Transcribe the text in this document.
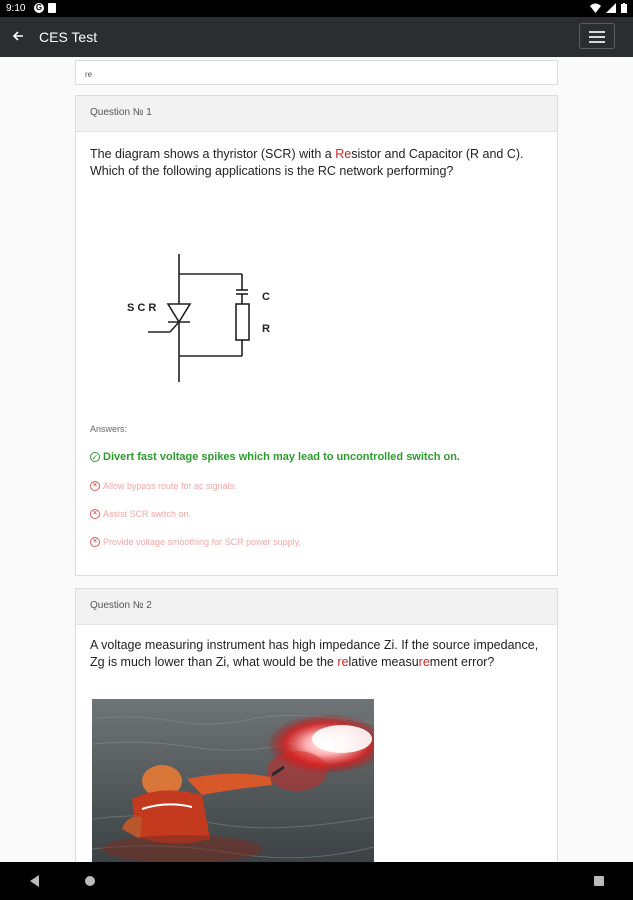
9:10 G
CES Test
re
Question № 1
The diagram shows a thyristor (SCR) with a Resistor and Capacitor (R and C). Which of the following applications is the RC network performing?
S C R
C
R
Answers:
✓ Divert fast voltage spikes which may lead to uncontrolled switch on.
× Allow bypass route for ac signals.
× Assist SCR switch on.
× Provide voltage smoothing for SCR power supply.
Question № 2
A voltage measuring instrument has high impedance Zi. If the source impedance, Zg is much lower than Zi, what would be the relative measurement error?
